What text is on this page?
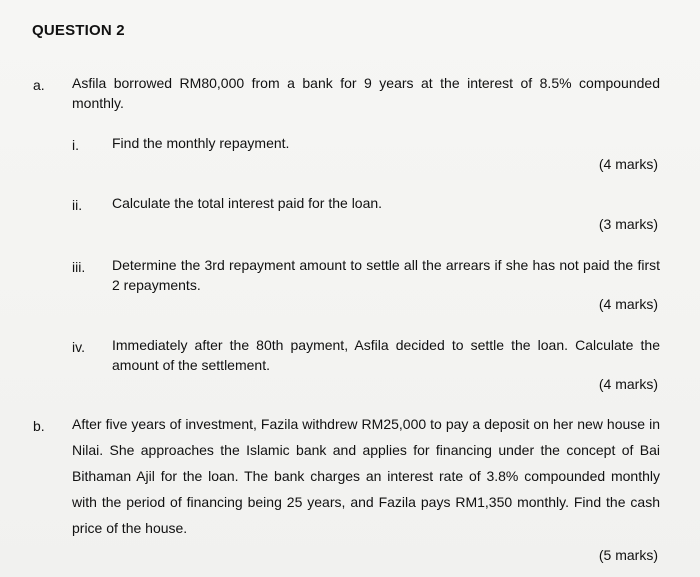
QUESTION 2
a. Asfila borrowed RM80,000 from a bank for 9 years at the interest of 8.5% compounded monthly.
i. Find the monthly repayment.
(4 marks)
ii. Calculate the total interest paid for the loan.
(3 marks)
iii. Determine the 3rd repayment amount to settle all the arrears if she has not paid the first 2 repayments.
(4 marks)
iv. Immediately after the 80th payment, Asfila decided to settle the loan. Calculate the amount of the settlement.
(4 marks)
b. After five years of investment, Fazila withdrew RM25,000 to pay a deposit on her new house in Nilai. She approaches the Islamic bank and applies for financing under the concept of Bai Bithaman Ajil for the loan. The bank charges an interest rate of 3.8% compounded monthly with the period of financing being 25 years, and Fazila pays RM1,350 monthly. Find the cash price of the house.
(5 marks)
